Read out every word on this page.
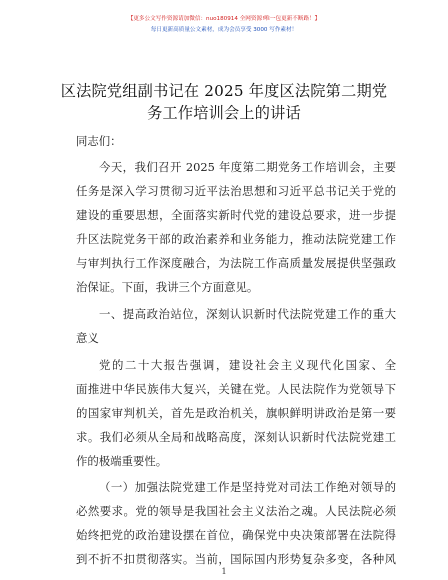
【更多公文写作资源请加微信：nuo180914 全网资源!唯一包更新不断路！】
每日更新高质量公文素材，成为会员享受 3000 写作素材！
区法院党组副书记在 2025 年度区法院第二期党
务工作培训会上的讲话
同志们：
今天，我们召开 2025 年度第二期党务工作培训会，主要
任务是深入学习贯彻习近平法治思想和习近平总书记关于党的
建设的重要思想，全面落实新时代党的建设总要求，进一步提
升区法院党务干部的政治素养和业务能力，推动法院党建工作
与审判执行工作深度融合，为法院工作高质量发展提供坚强政
治保证。下面，我讲三个方面意见。
一、提高政治站位，深刻认识新时代法院党建工作的重大
意义
党的二十大报告强调，建设社会主义现代化国家、全
面推进中华民族伟大复兴，关键在党。人民法院作为党领导下
的国家审判机关，首先是政治机关，旗帜鲜明讲政治是第一要
求。我们必须从全局和战略高度，深刻认识新时代法院党建工
作的极端重要性。
（一）加强法院党建工作是坚持党对司法工作绝对领导的
必然要求。党的领导是我国社会主义法治之魂。人民法院必须
始终把党的政治建设摆在首位，确保党中央决策部署在法院得
到不折不扣贯彻落实。当前，国际国内形势复杂多变，各种风
1
